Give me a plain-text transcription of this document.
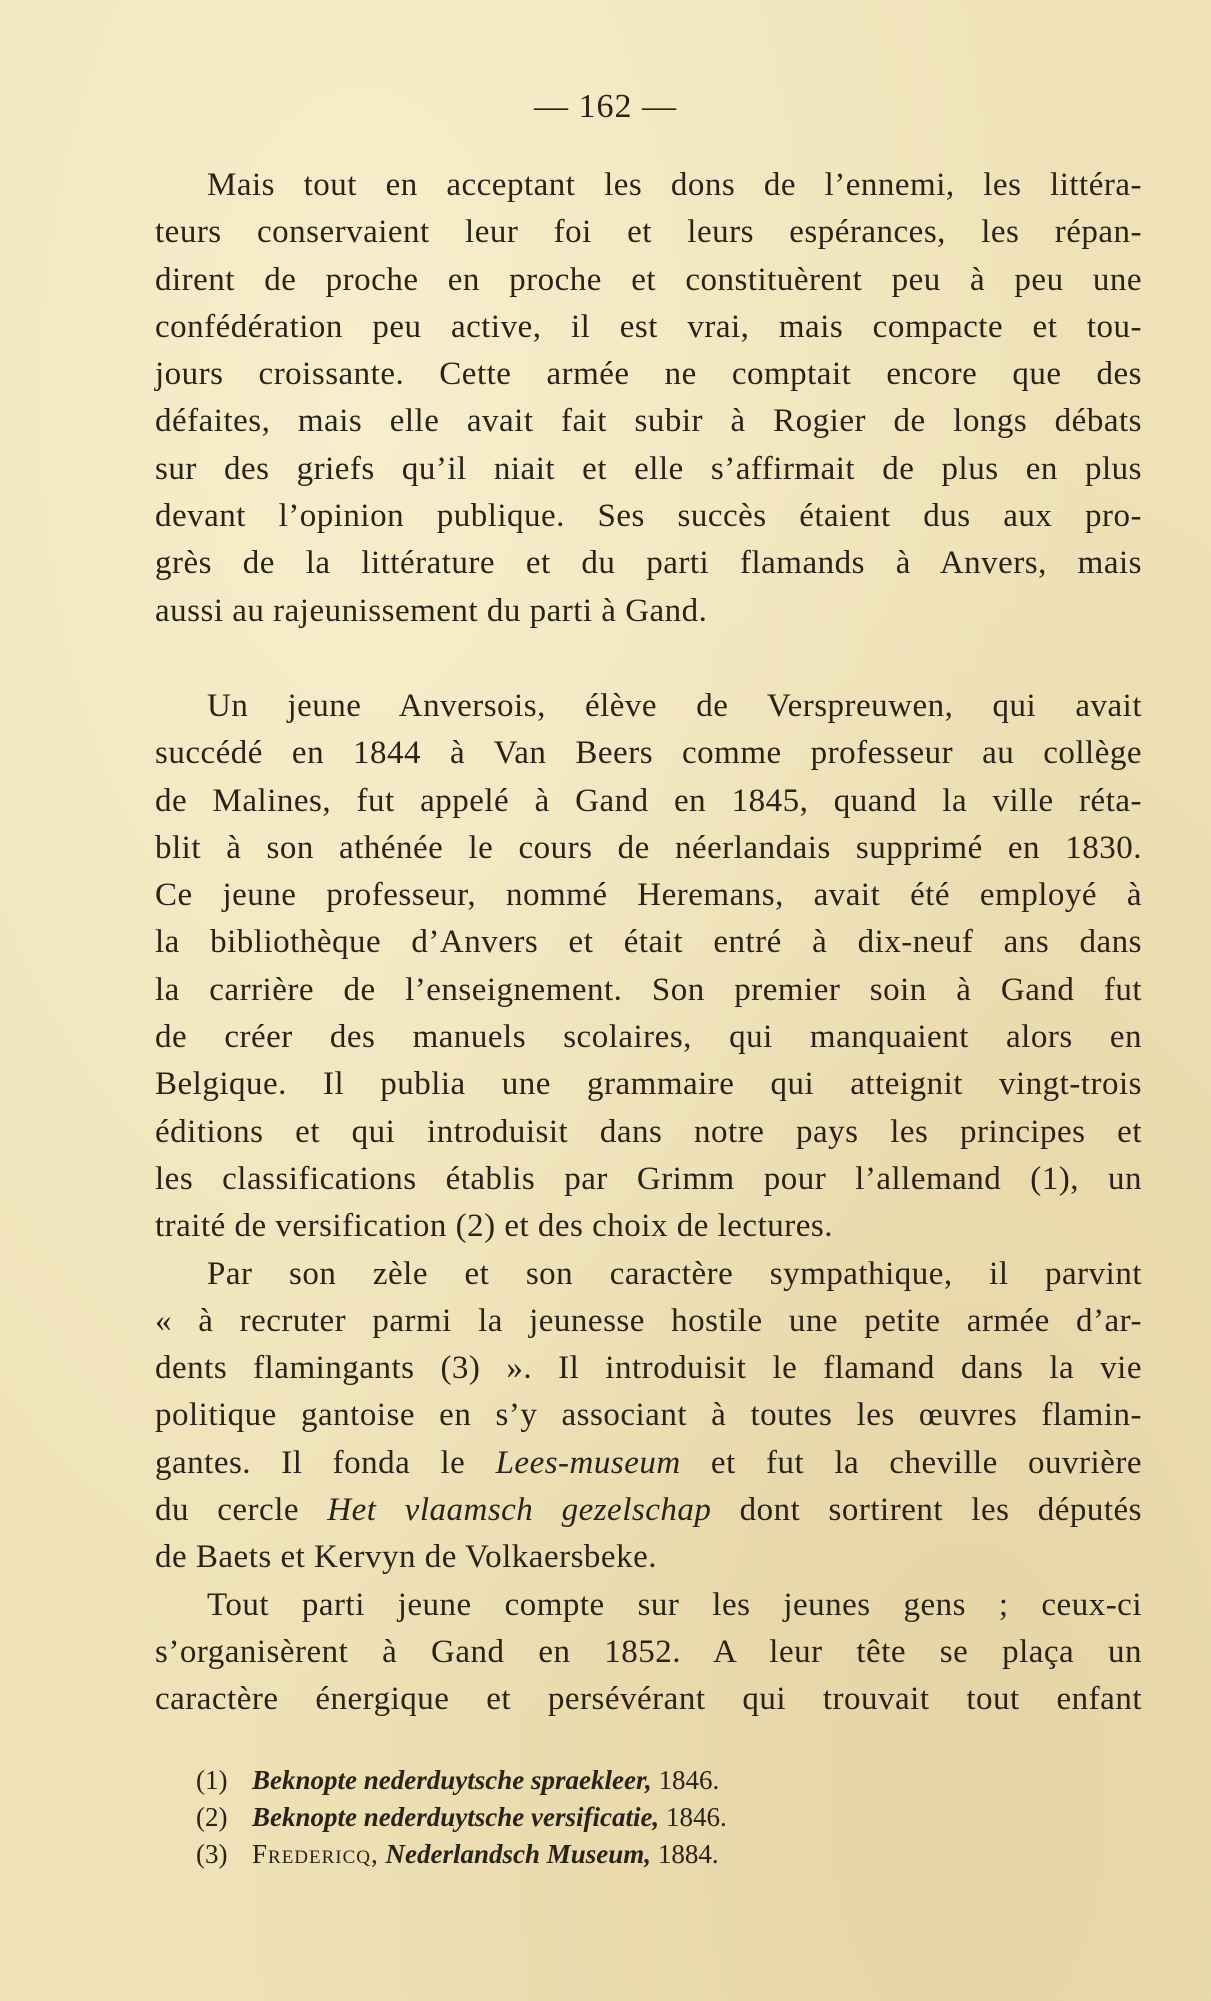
— 162 —
Mais tout en acceptant les dons de l’ennemi, les littéra-
teurs conservaient leur foi et leurs espérances, les répan-
dirent de proche en proche et constituèrent peu à peu une
confédération peu active, il est vrai, mais compacte et tou-
jours croissante. Cette armée ne comptait encore que des
défaites, mais elle avait fait subir à Rogier de longs débats
sur des griefs qu’il niait et elle s’affirmait de plus en plus
devant l’opinion publique. Ses succès étaient dus aux pro-
grès de la littérature et du parti flamands à Anvers, mais
aussi au rajeunissement du parti à Gand.
Un jeune Anversois, élève de Verspreuwen, qui avait
succédé en 1844 à Van Beers comme professeur au collège
de Malines, fut appelé à Gand en 1845, quand la ville réta-
blit à son athénée le cours de néerlandais supprimé en 1830.
Ce jeune professeur, nommé Heremans, avait été employé à
la bibliothèque d’Anvers et était entré à dix-neuf ans dans
la carrière de l’enseignement. Son premier soin à Gand fut
de créer des manuels scolaires, qui manquaient alors en
Belgique. Il publia une grammaire qui atteignit vingt-trois
éditions et qui introduisit dans notre pays les principes et
les classifications établis par Grimm pour l’allemand (1), un
traité de versification (2) et des choix de lectures.
Par son zèle et son caractère sympathique, il parvint
« à recruter parmi la jeunesse hostile une petite armée d’ar-
dents flamingants (3) ». Il introduisit le flamand dans la vie
politique gantoise en s’y associant à toutes les œuvres flamin-
gantes. Il fonda le Lees-museum et fut la cheville ouvrière
du cercle Het vlaamsch gezelschap dont sortirent les députés
de Baets et Kervyn de Volkaersbeke.
Tout parti jeune compte sur les jeunes gens ; ceux-ci
s’organisèrent à Gand en 1852. A leur tête se plaça un
caractère énergique et persévérant qui trouvait tout enfant
(1) Beknopte nederduytsche spraekleer, 1846.
(2) Beknopte nederduytsche versificatie, 1846.
(3) Fredericq, Nederlandsch Museum, 1884.
